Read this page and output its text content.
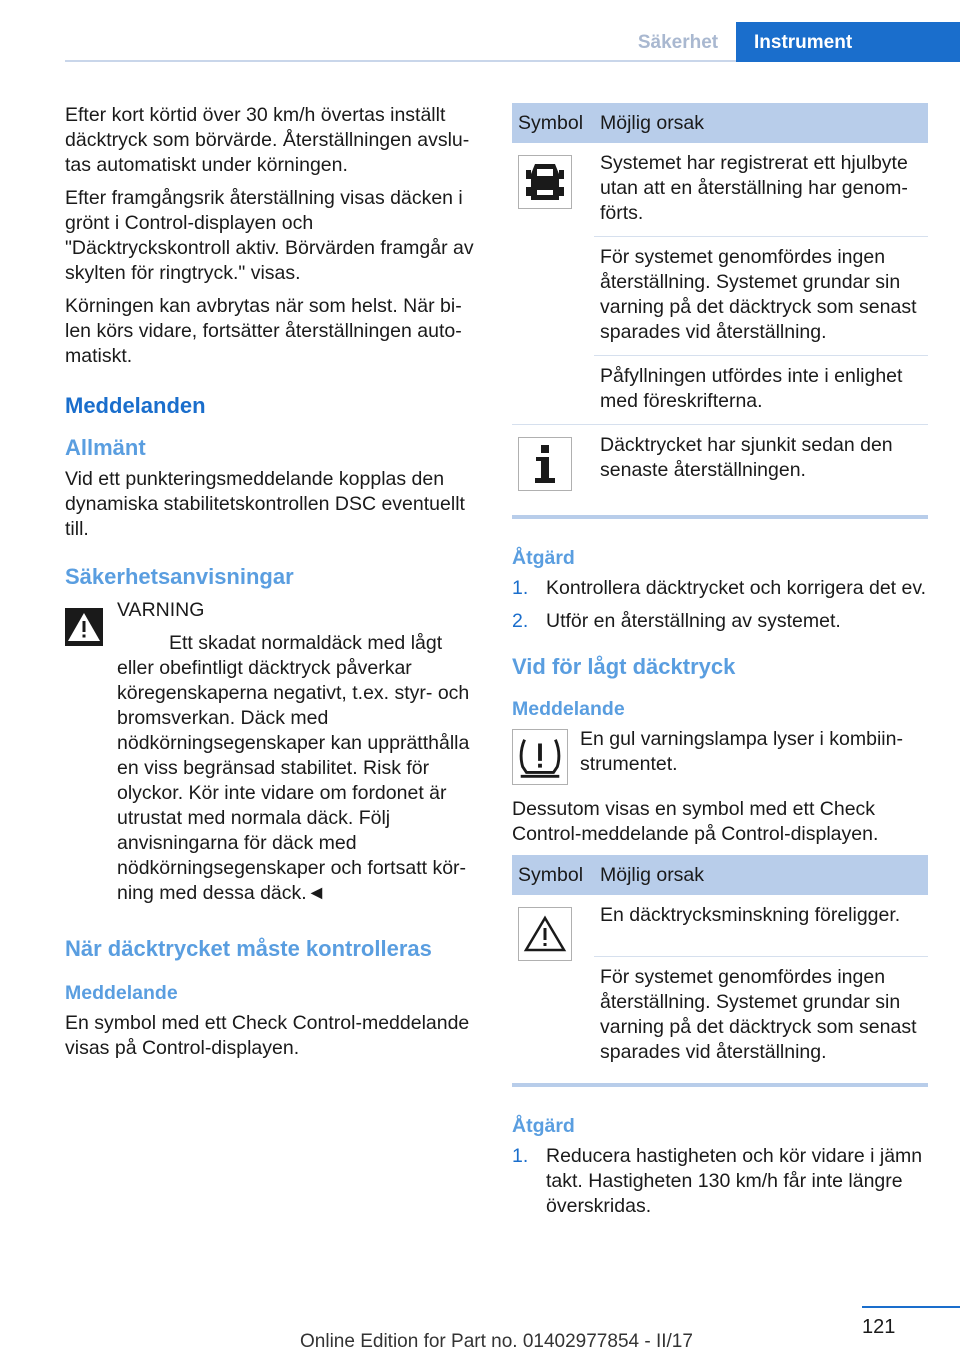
Säkerhet	Instrument

Efter kort körtid över 30 km/h övertas inställt däcktryck som börvärde. Återställningen avslutas automatiskt under körningen.

Efter framgångsrik återställning visas däcken i grönt i Control-displayen och "Däcktryckskontroll aktiv. Börvärden framgår av skylten för ringtryck." visas.

Körningen kan avbrytas när som helst. När bilen körs vidare, fortsätter återställningen automatiskt.

Meddelanden
Allmänt

Vid ett punkteringsmeddelande kopplas den dynamiska stabilitetskontrollen DSC eventuellt till.

Säkerhetsanvisningar

VARNING

Ett skadat normaldäck med lågt eller obefintligt däcktryck påverkar köregenskaperna negativt, t.ex. styr- och bromsverkan. Däck med nödkörningsegenskaper kan upprätthålla en viss begränsad stabilitet. Risk för olyckor. Kör inte vidare om fordonet är utrustat med normala däck. Följ anvisningarna för däck med nödkörningsegenskaper och fortsatt körning med dessa däck.◄

När däcktrycket måste kontrolleras
Meddelande

En symbol med ett Check Control-meddelande visas på Control-displayen.

Symbol	Möjlig orsak

	Systemet har registrerat ett hjulbyte utan att en återställning har genomförts.
	För systemet genomfördes ingen återställning. Systemet grundar sin varning på det däcktryck som senast sparades vid återställning.
	Påfyllningen utfördes inte i enlighet med föreskrifterna.

	Däcktrycket har sjunkit sedan den senaste återställningen.
Åtgärd
1. Kontrollera däcktrycket och korrigera det ev.
2. Utför en återställning av systemet.
Vid för lågt däcktryck
Meddelande

En gul varningslampa lyser i kombiinstrumentet.

Dessutom visas en symbol med ett Check Control-meddelande på Control-displayen.

Symbol	Möjlig orsak

	En däcktrycksminskning föreligger.
	För systemet genomfördes ingen återställning. Systemet grundar sin varning på det däcktryck som senast sparades vid återställning.
Åtgärd
1. Reducera hastigheten och kör vidare i jämn takt. Hastigheten 130 km/h får inte längre överskridas.
121
Online Edition for Part no. 01402977854 - II/17
